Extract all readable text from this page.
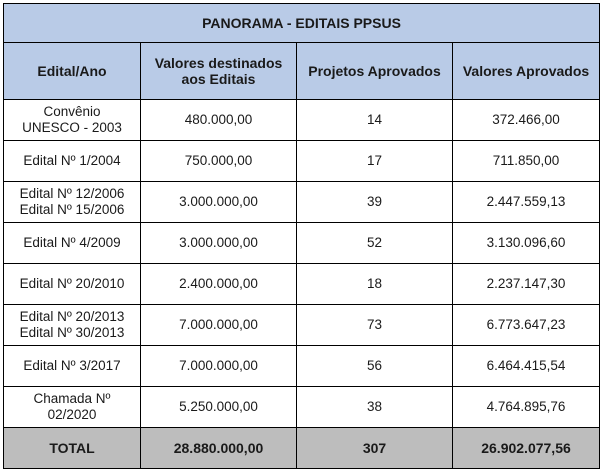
PANORAMA - EDITAIS PPSUS			
Edital/Ano	Valores destinados aos Editais	Projetos Aprovados	Valores Aprovados
Convênio
UNESCO - 2003	480.000,00	14	372.466,00
Edital Nº 1/2004	750.000,00	17	711.850,00
Edital Nº 12/2006
Edital Nº 15/2006	3.000.000,00	39	2.447.559,13
Edital Nº 4/2009	3.000.000,00	52	3.130.096,60
Edital Nº 20/2010	2.400.000,00	18	2.237.147,30
Edital Nº 20/2013
Edital Nº 30/2013	7.000.000,00	73	6.773.647,23
Edital Nº 3/2017	7.000.000,00	56	6.464.415,54
Chamada Nº
02/2020	5.250.000,00	38	4.764.895,76
TOTAL	28.880.000,00	307	26.902.077,56
